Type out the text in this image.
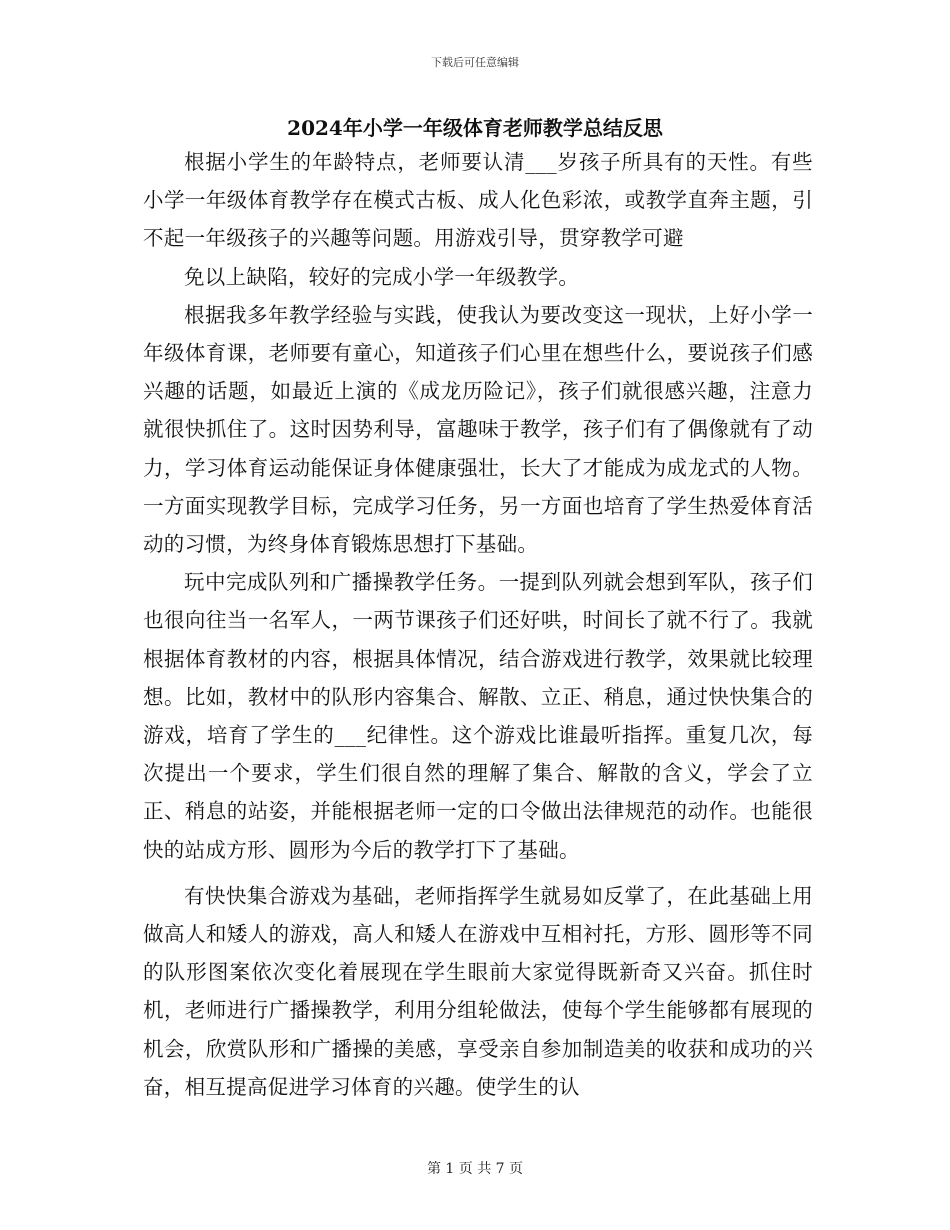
下载后可任意编辑
2024年小学一年级体育老师教学总结反思

根据小学生的年龄特点，老师要认清___岁孩子所具有的天性。有些小学一年级体育教学存在模式古板、成人化色彩浓，或教学直奔主题，引不起一年级孩子的兴趣等问题。用游戏引导，贯穿教学可避

免以上缺陷，较好的完成小学一年级教学。

根据我多年教学经验与实践，使我认为要改变这一现状，上好小学一年级体育课，老师要有童心，知道孩子们心里在想些什么，要说孩子们感兴趣的话题，如最近上演的《成龙历险记》，孩子们就很感兴趣，注意力就很快抓住了。这时因势利导，富趣味于教学，孩子们有了偶像就有了动力，学习体育运动能保证身体健康强壮，长大了才能成为成龙式的人物。一方面实现教学目标，完成学习任务，另一方面也培育了学生热爱体育活动的习惯，为终身体育锻炼思想打下基础。

玩中完成队列和广播操教学任务。一提到队列就会想到军队，孩子们也很向往当一名军人，一两节课孩子们还好哄，时间长了就不行了。我就根据体育教材的内容，根据具体情况，结合游戏进行教学，效果就比较理想。比如，教材中的队形内容集合、解散、立正、稍息，通过快快集合的游戏，培育了学生的___纪律性。这个游戏比谁最听指挥。重复几次，每次提出一个要求，学生们很自然的理解了集合、解散的含义，学会了立正、稍息的站姿，并能根据老师一定的口令做出法律规范的动作。也能很快的站成方形、圆形为今后的教学打下了基础。

有快快集合游戏为基础，老师指挥学生就易如反掌了，在此基础上用做高人和矮人的游戏，高人和矮人在游戏中互相衬托，方形、圆形等不同的队形图案依次变化着展现在学生眼前大家觉得既新奇又兴奋。抓住时机，老师进行广播操教学，利用分组轮做法，使每个学生能够都有展现的机会，欣赏队形和广播操的美感，享受亲自参加制造美的收获和成功的兴奋，相互提高促进学习体育的兴趣。使学生的认

第 1 页 共 7 页
